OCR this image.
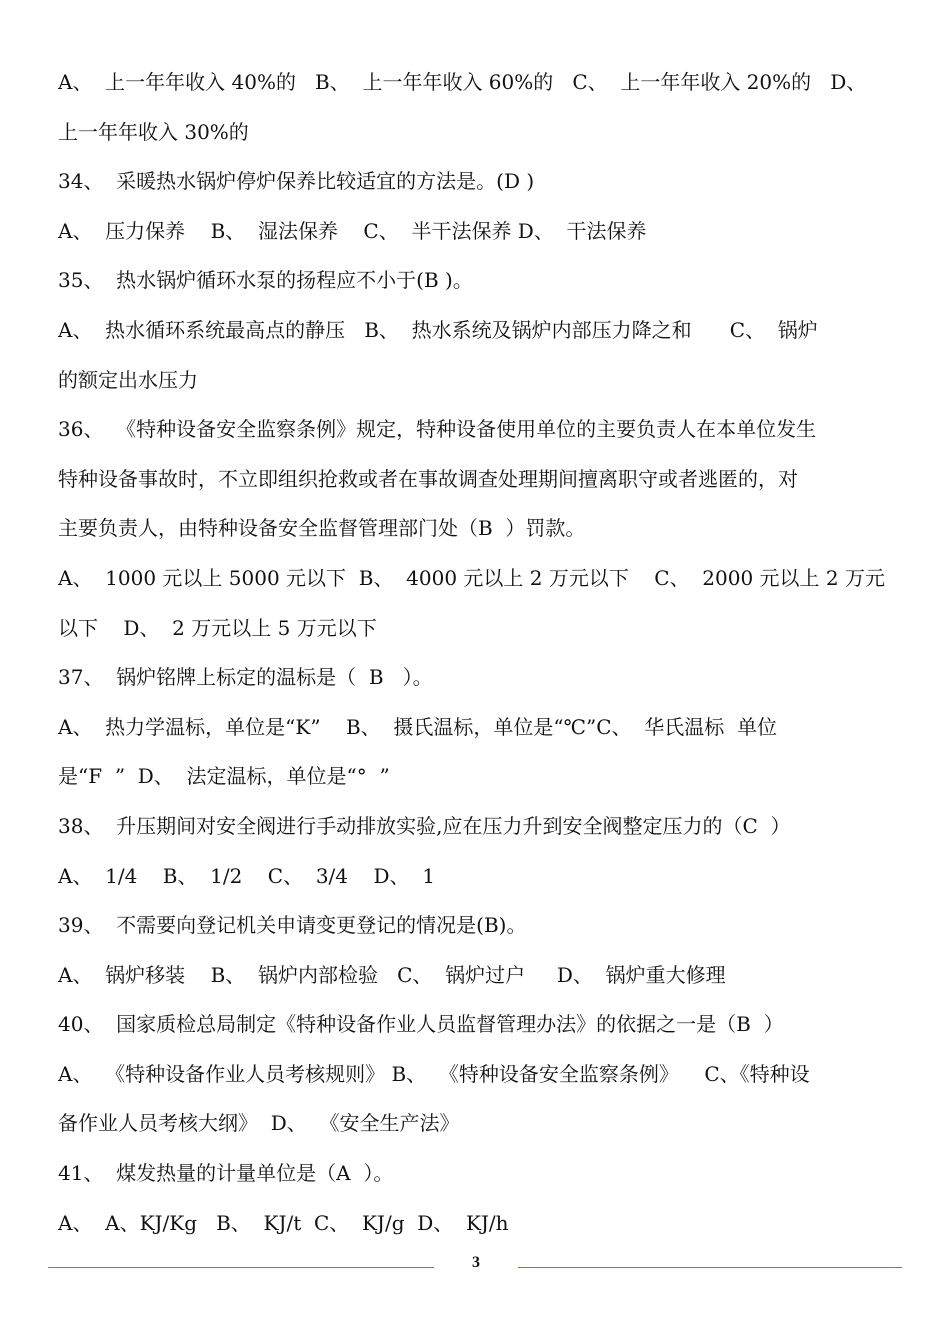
A、  上一年年收入 40%的   B、  上一年年收入 60%的   C、  上一年年收入 20%的   D、
上一年年收入 30%的
34、  采暖热水锅炉停炉保养比较适宜的方法是。(D )
A、  压力保养    B、  湿法保养    C、  半干法保养 D、  干法保养
35、  热水锅炉循环水泵的扬程应不小于(B )。
A、  热水循环系统最高点的静压   B、  热水系统及锅炉内部压力降之和      C、  锅炉
的额定出水压力
36、  《特种设备安全监察条例》规定，特种设备使用单位的主要负责人在本单位发生
特种设备事故时，不立即组织抢救或者在事故调查处理期间擅离职守或者逃匿的，对
主要负责人，由特种设备安全监督管理部门处（B  ）罚款。
A、  1000 元以上 5000 元以下  B、  4000 元以上 2 万元以下    C、  2000 元以上 2 万元
以下    D、  2 万元以上 5 万元以下
37、  锅炉铭牌上标定的温标是（  B   ）。
A、  热力学温标，单位是“K”    B、  摄氏温标，单位是“℃”C、  华氏温标  单位
是“F  ”  D、  法定温标，单位是“°  ”
38、  升压期间对安全阀进行手动排放实验,应在压力升到安全阀整定压力的（C  ）
A、  1/4    B、  1/2    C、  3/4    D、  1
39、  不需要向登记机关申请变更登记的情况是(B)。
A、  锅炉移装    B、  锅炉内部检验   C、  锅炉过户     D、  锅炉重大修理
40、  国家质检总局制定《特种设备作业人员监督管理办法》的依据之一是（B  ）
A、  《特种设备作业人员考核规则》 B、  《特种设备安全监察条例》    C、《特种设
备作业人员考核大纲》  D、  《安全生产法》
41、  煤发热量的计量单位是（A  ）。
A、  A、KJ/Kg   B、  KJ/t  C、  KJ/g  D、  KJ/h
3
